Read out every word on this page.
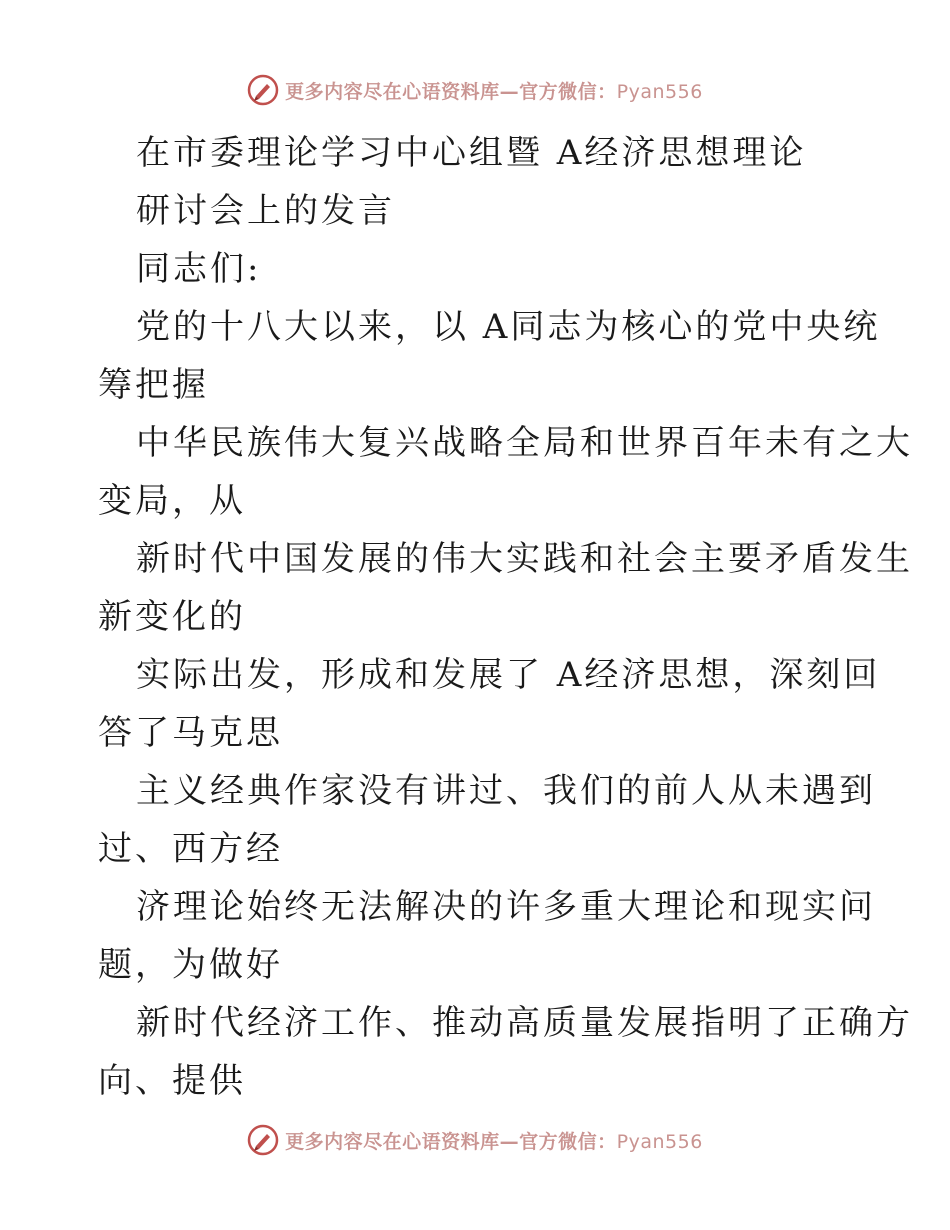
更多内容尽在心语资料库—官方微信：Pyan556
在市委理论学习中心组暨 A经济思想理论
研讨会上的发言
同志们:
党的十八大以来，以 A同志为核心的党中央统
筹把握
中华民族伟大复兴战略全局和世界百年未有之大
变局，从
新时代中国发展的伟大实践和社会主要矛盾发生
新变化的
实际出发，形成和发展了 A经济思想，深刻回
答了马克思
主义经典作家没有讲过、我们的前人从未遇到
过、西方经
济理论始终无法解决的许多重大理论和现实问
题，为做好
新时代经济工作、推动高质量发展指明了正确方
向、提供
更多内容尽在心语资料库—官方微信：Pyan556
